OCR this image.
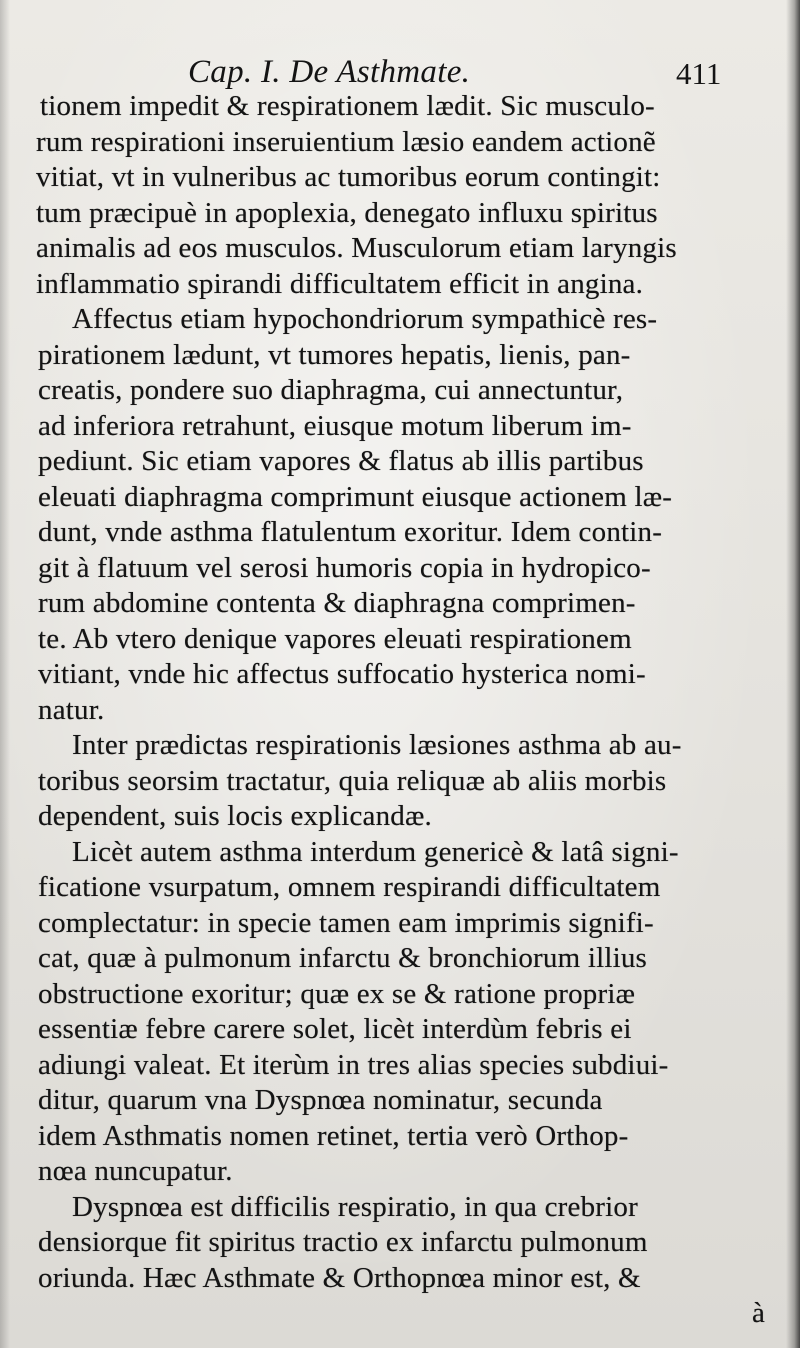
Cap. I. De Asthmate.	411
tionem impedit & respirationem lædit. Sic musculo-
rum respirationi inseruientium læsio eandem actionẽ
vitiat, vt in vulneribus ac tumoribus eorum contingit:
tum præcipuè in apoplexia, denegato influxu spiritus
animalis ad eos musculos. Musculorum etiam laryngis
inflammatio spirandi difficultatem efficit in angina.
Affectus etiam hypochondriorum sympathicè res-
pirationem lædunt, vt tumores hepatis, lienis, pan-
creatis, pondere suo diaphragma, cui annectuntur,
ad inferiora retrahunt, eiusque motum liberum im-
pediunt. Sic etiam vapores & flatus ab illis partibus
eleuati diaphragma comprimunt eiusque actionem læ-
dunt, vnde asthma flatulentum exoritur. Idem contin-
git à flatuum vel serosi humoris copia in hydropico-
rum abdomine contenta & diaphragna comprimen-
te. Ab vtero denique vapores eleuati respirationem
vitiant, vnde hic affectus suffocatio hysterica nomi-
natur.
Inter prædictas respirationis læsiones asthma ab au-
toribus seorsim tractatur, quia reliquæ ab aliis morbis
dependent, suis locis explicandæ.
Licèt autem asthma interdum genericè & latâ signi-
ficatione vsurpatum, omnem respirandi difficultatem
complectatur: in specie tamen eam imprimis signifi-
cat, quæ à pulmonum infarctu & bronchiorum illius
obstructione exoritur; quæ ex se & ratione propriæ
essentiæ febre carere solet, licèt interdùm febris ei
adiungi valeat. Et iterùm in tres alias species subdiui-
ditur, quarum vna Dyspnœa nominatur, secunda
idem Asthmatis nomen retinet, tertia verò Orthop-
nœa nuncupatur.
Dyspnœa est difficilis respiratio, in qua crebrior
densiorque fit spiritus tractio ex infarctu pulmonum
oriunda. Hæc Asthmate & Orthopnœa minor est, &
à
